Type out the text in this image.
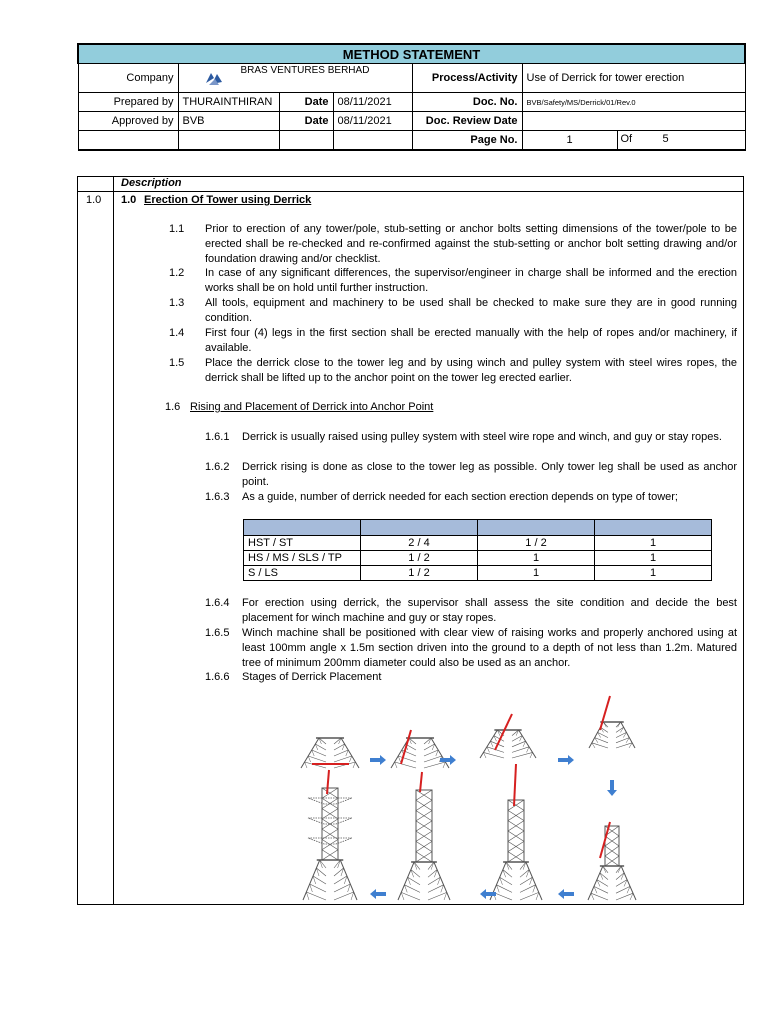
METHOD STATEMENT						
Company	BRAS VENTURES BERHAD			Process/Activity	Use of Derrick for tower erection	
Prepared by	THURAINTHIRAN	Date	08/11/2021	Doc. No.	BVB/Safety/MS/Derrick/01/Rev.0	
Approved by	BVB	Date	08/11/2021	Doc. Review Date		
				Page No.	1	Of 5
Description
1.0 1.0 Erection Of Tower using Derrick
1.1 Prior to erection of any tower/pole, stub-setting or anchor bolts setting dimensions of the tower/pole to be erected shall be re-checked and re-confirmed against the stub-setting or anchor bolt setting drawing and/or foundation drawing and/or checklist.
1.2 In case of any significant differences, the supervisor/engineer in charge shall be informed and the erection works shall be on hold until further instruction.
1.3 All tools, equipment and machinery to be used shall be checked to make sure they are in good running condition.
1.4 First four (4) legs in the first section shall be erected manually with the help of ropes and/or machinery, if available.
1.5 Place the derrick close to the tower leg and by using winch and pulley system with steel wires ropes, the derrick shall be lifted up to the anchor point on the tower leg erected earlier.
1.6 Rising and Placement of Derrick into Anchor Point
1.6.1 Derrick is usually raised using pulley system with steel wire rope and winch, and guy or stay ropes.
1.6.2 Derrick rising is done as close to the tower leg as possible. Only tower leg shall be used as anchor point.
1.6.3 As a guide, number of derrick needed for each section erection depends on type of tower;

HST / ST	2 / 4	1 / 2	1
HS / MS / SLS / TP	1 / 2	1	1
S / LS	1 / 2	1	1
1.6.4 For erection using derrick, the supervisor shall assess the site condition and decide the best placement for winch machine and guy or stay ropes.
1.6.5 Winch machine shall be positioned with clear view of raising works and properly anchored using at least 100mm angle x 1.5m section driven into the ground to a depth of not less than 1.2m. Matured tree of minimum 200mm diameter could also be used as an anchor.
1.6.6 Stages of Derrick Placement
